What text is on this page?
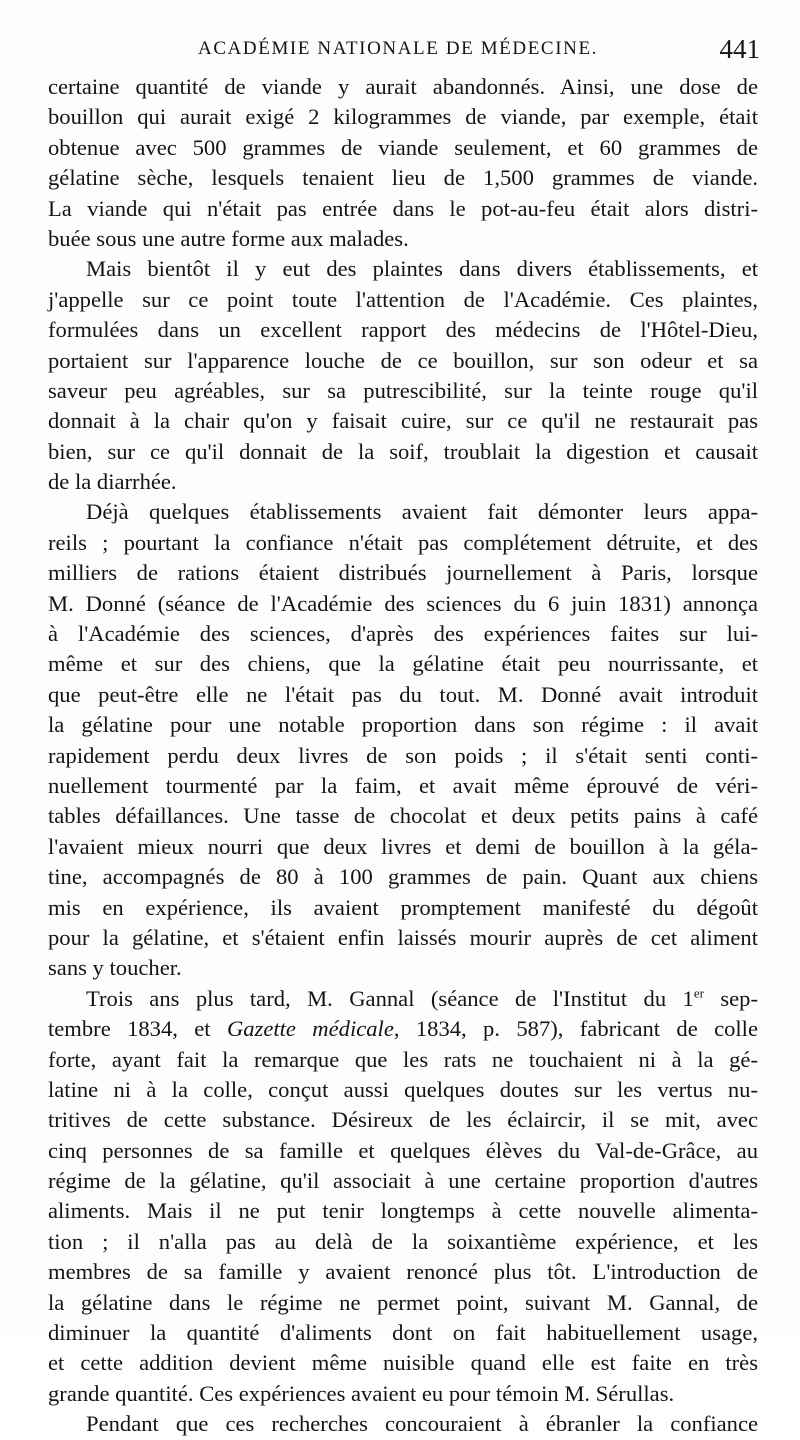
ACADÉMIE NATIONALE DE MÉDECINE.	441
certaine quantité de viande y aurait abandonnés. Ainsi, une dose de
bouillon qui aurait exigé 2 kilogrammes de viande, par exemple, était
obtenue avec 500 grammes de viande seulement, et 60 grammes de
gélatine sèche, lesquels tenaient lieu de 1,500 grammes de viande.
La viande qui n'était pas entrée dans le pot-au-feu était alors distri-
buée sous une autre forme aux malades.
Mais bientôt il y eut des plaintes dans divers établissements, et
j'appelle sur ce point toute l'attention de l'Académie. Ces plaintes,
formulées dans un excellent rapport des médecins de l'Hôtel-Dieu,
portaient sur l'apparence louche de ce bouillon, sur son odeur et sa
saveur peu agréables, sur sa putrescibilité, sur la teinte rouge qu'il
donnait à la chair qu'on y faisait cuire, sur ce qu'il ne restaurait pas
bien, sur ce qu'il donnait de la soif, troublait la digestion et causait
de la diarrhée.
Déjà quelques établissements avaient fait démonter leurs appa-
reils ; pourtant la confiance n'était pas complétement détruite, et des
milliers de rations étaient distribués journellement à Paris, lorsque
M. Donné (séance de l'Académie des sciences du 6 juin 1831) annonça
à l'Académie des sciences, d'après des expériences faites sur lui-
même et sur des chiens, que la gélatine était peu nourrissante, et
que peut-être elle ne l'était pas du tout. M. Donné avait introduit
la gélatine pour une notable proportion dans son régime : il avait
rapidement perdu deux livres de son poids ; il s'était senti conti-
nuellement tourmenté par la faim, et avait même éprouvé de véri-
tables défaillances. Une tasse de chocolat et deux petits pains à café
l'avaient mieux nourri que deux livres et demi de bouillon à la géla-
tine, accompagnés de 80 à 100 grammes de pain. Quant aux chiens
mis en expérience, ils avaient promptement manifesté du dégoût
pour la gélatine, et s'étaient enfin laissés mourir auprès de cet aliment
sans y toucher.
Trois ans plus tard, M. Gannal (séance de l'Institut du 1er sep-
tembre 1834, et Gazette médicale, 1834, p. 587), fabricant de colle
forte, ayant fait la remarque que les rats ne touchaient ni à la gé-
latine ni à la colle, conçut aussi quelques doutes sur les vertus nu-
tritives de cette substance. Désireux de les éclaircir, il se mit, avec
cinq personnes de sa famille et quelques élèves du Val-de-Grâce, au
régime de la gélatine, qu'il associait à une certaine proportion d'autres
aliments. Mais il ne put tenir longtemps à cette nouvelle alimenta-
tion ; il n'alla pas au delà de la soixantième expérience, et les
membres de sa famille y avaient renoncé plus tôt. L'introduction de
la gélatine dans le régime ne permet point, suivant M. Gannal, de
diminuer la quantité d'aliments dont on fait habituellement usage,
et cette addition devient même nuisible quand elle est faite en très
grande quantité. Ces expériences avaient eu pour témoin M. Sérullas.
Pendant que ces recherches concouraient à ébranler la confiance
